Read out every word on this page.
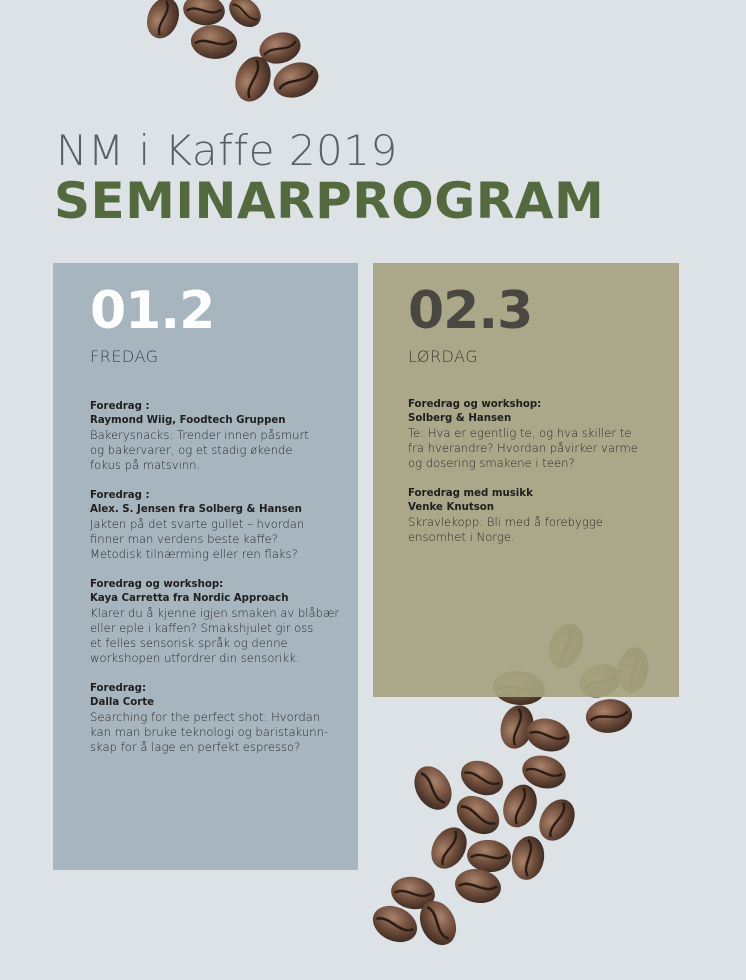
NM i Kaffe 2019
SEMINARPROGRAM
01.2
FREDAG
Foredrag :
Raymond Wiig, Foodtech Gruppen

Bakerysnacks: Trender innen påsmurt
og bakervarer, og et stadig økende
fokus på matsvinn.

Foredrag :
Alex. S. Jensen fra Solberg & Hansen

Jakten på det svarte gullet – hvordan
finner man verdens beste kaffe?
Metodisk tilnærming eller ren flaks?

Foredrag og workshop:
Kaya Carretta fra Nordic Approach

Klarer du å kjenne igjen smaken av blåbær
eller eple i kaffen? Smakshjulet gir oss
et felles sensorisk språk og denne
workshopen utfordrer din sensorikk.

Foredrag:
Dalla Corte

Searching for the perfect shot: Hvordan
kan man bruke teknologi og baristakunn-
skap for å lage en perfekt espresso?

02.3
LØRDAG
Foredrag og workshop:
Solberg & Hansen

Te: Hva er egentlig te, og hva skiller te
fra hverandre? Hvordan påvirker varme
og dosering smakene i teen?

Foredrag med musikk
Venke Knutson

Skravlekopp: Bli med å forebygge
ensomhet i Norge.
